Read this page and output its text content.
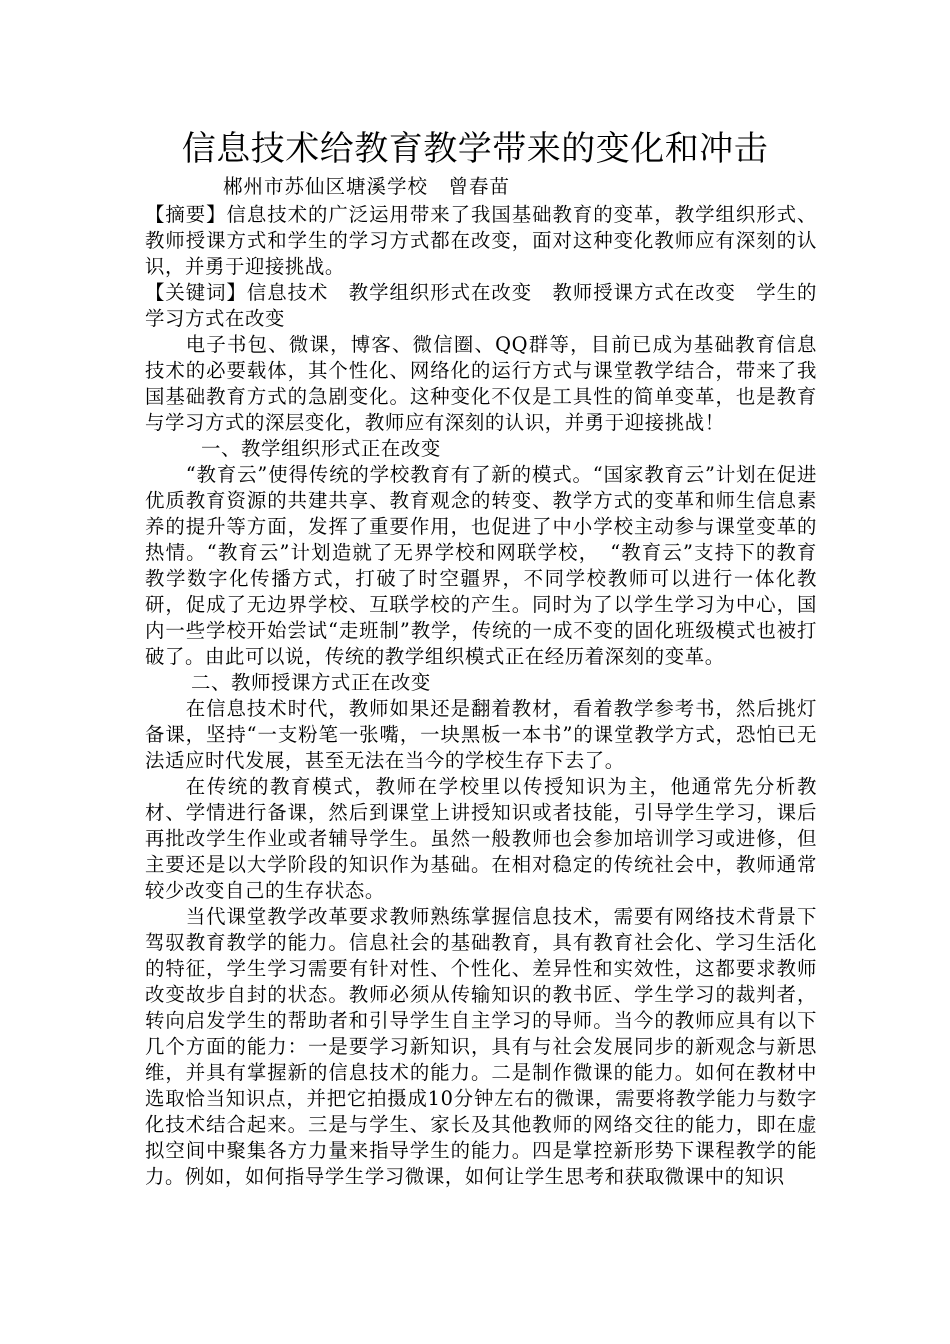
信息技术给教育教学带来的变化和冲击
郴州市苏仙区塘溪学校　曾春苗

【摘要】信息技术的广泛运用带来了我国基础教育的变革，教学组织形式、教师授课方式和学生的学习方式都在改变，面对这种变化教师应有深刻的认识，并勇于迎接挑战。

【关键词】信息技术　教学组织形式在改变　教师授课方式在改变　学生的学习方式在改变

电子书包、微课，博客、微信圈、QQ群等，目前已成为基础教育信息技术的必要载体，其个性化、网络化的运行方式与课堂教学结合，带来了我国基础教育方式的急剧变化。这种变化不仅是工具性的简单变革，也是教育与学习方式的深层变化，教师应有深刻的认识，并勇于迎接挑战！

一、教学组织形式正在改变

“教育云”使得传统的学校教育有了新的模式。“国家教育云”计划在促进优质教育资源的共建共享、教育观念的转变、教学方式的变革和师生信息素养的提升等方面，发挥了重要作用，也促进了中小学校主动参与课堂变革的热情。“教育云”计划造就了无界学校和网联学校，　“教育云”支持下的教育教学数字化传播方式，打破了时空疆界，不同学校教师可以进行一体化教研，促成了无边界学校、互联学校的产生。同时为了以学生学习为中心，国内一些学校开始尝试“走班制”教学，传统的一成不变的固化班级模式也被打破了。由此可以说，传统的教学组织模式正在经历着深刻的变革。

二、教师授课方式正在改变

在信息技术时代，教师如果还是翻着教材，看着教学参考书，然后挑灯备课，坚持“一支粉笔一张嘴，一块黑板一本书”的课堂教学方式，恐怕已无法适应时代发展，甚至无法在当今的学校生存下去了。

在传统的教育模式，教师在学校里以传授知识为主，他通常先分析教材、学情进行备课，然后到课堂上讲授知识或者技能，引导学生学习，课后再批改学生作业或者辅导学生。虽然一般教师也会参加培训学习或进修，但主要还是以大学阶段的知识作为基础。在相对稳定的传统社会中，教师通常较少改变自己的生存状态。

当代课堂教学改革要求教师熟练掌握信息技术，需要有网络技术背景下驾驭教育教学的能力。信息社会的基础教育，具有教育社会化、学习生活化的特征，学生学习需要有针对性、个性化、差异性和实效性，这都要求教师改变故步自封的状态。教师必须从传输知识的教书匠、学生学习的裁判者，转向启发学生的帮助者和引导学生自主学习的导师。当今的教师应具有以下几个方面的能力：一是要学习新知识，具有与社会发展同步的新观念与新思维，并具有掌握新的信息技术的能力。二是制作微课的能力。如何在教材中选取恰当知识点，并把它拍摄成10分钟左右的微课，需要将教学能力与数字化技术结合起来。三是与学生、家长及其他教师的网络交往的能力，即在虚拟空间中聚集各方力量来指导学生的能力。四是掌控新形势下课程教学的能力。例如，如何指导学生学习微课，如何让学生思考和获取微课中的知识
